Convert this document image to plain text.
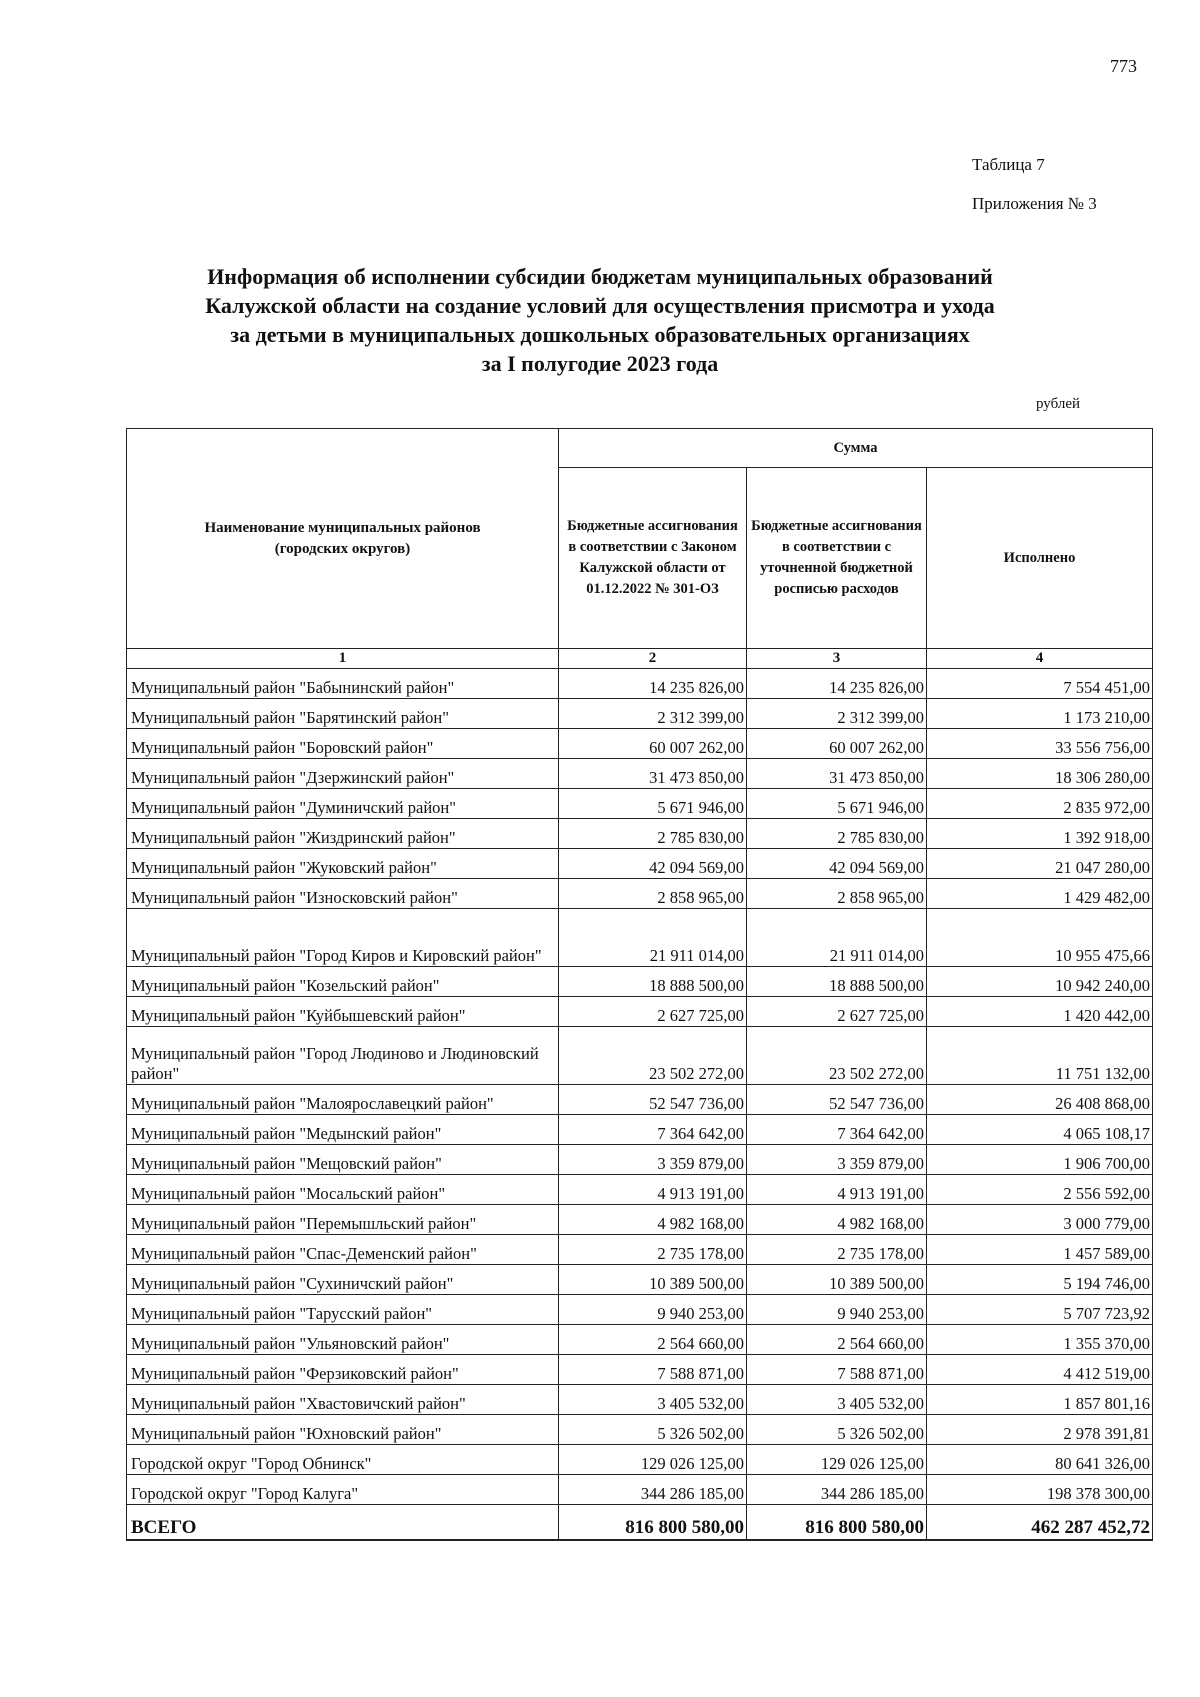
773
Таблица 7
Приложения № 3
Информация об исполнении субсидии бюджетам муниципальных образований
Калужской области на создание условий для осуществления присмотра и ухода
за детьми в муниципальных дошкольных образовательных организациях
за I полугодие 2023 года
рублей
Наименование муниципальных районов (городских округов)	Сумма		
	Бюджетные ассигнования в соответствии с Законом Калужской области от 01.12.2022 № 301-ОЗ	Бюджетные ассигнования в соответствии с уточненной бюджетной росписью расходов	Исполнено
1	2	3	4
Муниципальный район "Бабынинский район"	14 235 826,00	14 235 826,00	7 554 451,00
Муниципальный район "Барятинский район"	2 312 399,00	2 312 399,00	1 173 210,00
Муниципальный район "Боровский район"	60 007 262,00	60 007 262,00	33 556 756,00
Муниципальный район "Дзержинский район"	31 473 850,00	31 473 850,00	18 306 280,00
Муниципальный район "Думиничский район"	5 671 946,00	5 671 946,00	2 835 972,00
Муниципальный район "Жиздринский район"	2 785 830,00	2 785 830,00	1 392 918,00
Муниципальный район "Жуковский район"	42 094 569,00	42 094 569,00	21 047 280,00
Муниципальный район "Износковский район"	2 858 965,00	2 858 965,00	1 429 482,00
Муниципальный район "Город Киров и Кировский район"	21 911 014,00	21 911 014,00	10 955 475,66
Муниципальный район "Козельский район"	18 888 500,00	18 888 500,00	10 942 240,00
Муниципальный район "Куйбышевский район"	2 627 725,00	2 627 725,00	1 420 442,00
Муниципальный район "Город Людиново и Людиновский район"	23 502 272,00	23 502 272,00	11 751 132,00
Муниципальный район "Малоярославецкий район"	52 547 736,00	52 547 736,00	26 408 868,00
Муниципальный район "Медынский район"	7 364 642,00	7 364 642,00	4 065 108,17
Муниципальный район "Мещовский район"	3 359 879,00	3 359 879,00	1 906 700,00
Муниципальный район "Мосальский район"	4 913 191,00	4 913 191,00	2 556 592,00
Муниципальный район "Перемышльский район"	4 982 168,00	4 982 168,00	3 000 779,00
Муниципальный район "Спас-Деменский район"	2 735 178,00	2 735 178,00	1 457 589,00
Муниципальный район "Сухиничский район"	10 389 500,00	10 389 500,00	5 194 746,00
Муниципальный район "Тарусский район"	9 940 253,00	9 940 253,00	5 707 723,92
Муниципальный район "Ульяновский район"	2 564 660,00	2 564 660,00	1 355 370,00
Муниципальный район "Ферзиковский район"	7 588 871,00	7 588 871,00	4 412 519,00
Муниципальный район "Хвастовичский район"	3 405 532,00	3 405 532,00	1 857 801,16
Муниципальный район "Юхновский район"	5 326 502,00	5 326 502,00	2 978 391,81
Городской округ "Город Обнинск"	129 026 125,00	129 026 125,00	80 641 326,00
Городской округ "Город Калуга"	344 286 185,00	344 286 185,00	198 378 300,00
ВСЕГО	816 800 580,00	816 800 580,00	462 287 452,72
